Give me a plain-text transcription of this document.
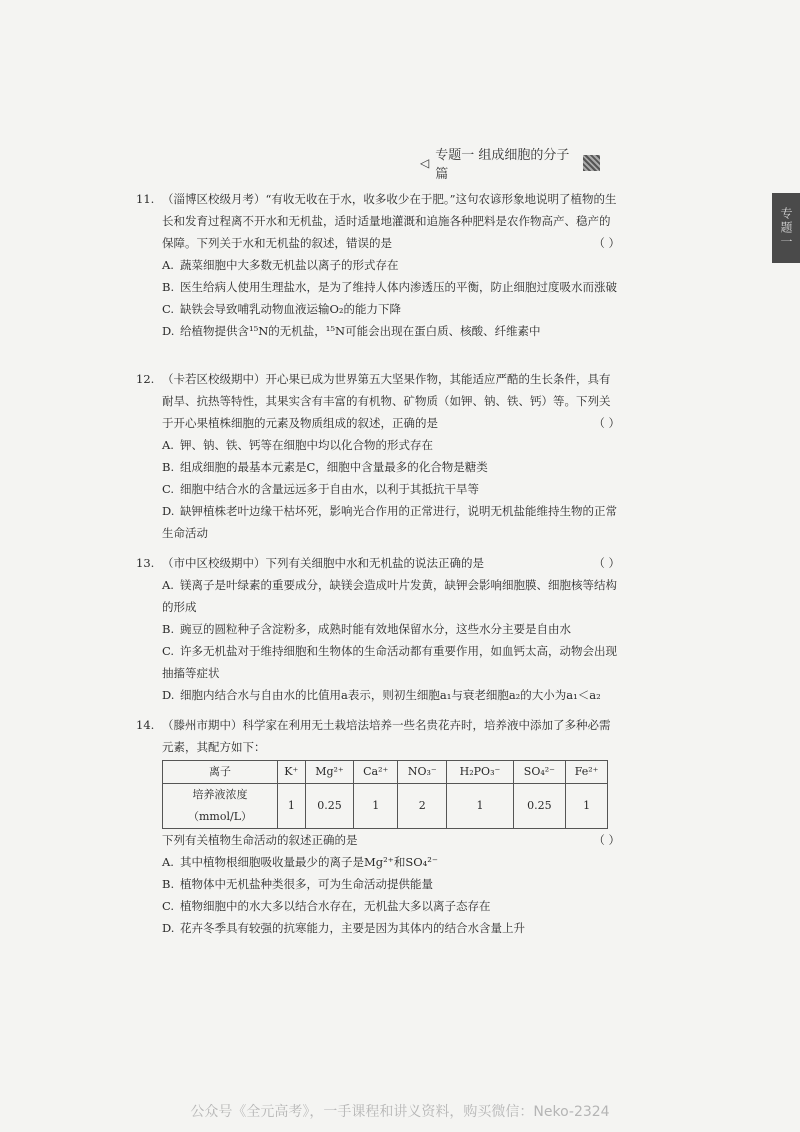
◁ 专题一 组成细胞的分子篇
专题一
11. （淄博区校级月考）“有收无收在于水，收多收少在于肥。”这句农谚形象地说明了植物的生长和发育过程离不开水和无机盐，适时适量地灌溉和追施各种肥料是农作物高产、稳产的保障。下列关于水和无机盐的叙述，错误的是	（ ）
A. 蔬菜细胞中大多数无机盐以离子的形式存在
B. 医生给病人使用生理盐水，是为了维持人体内渗透压的平衡，防止细胞过度吸水而涨破
C. 缺铁会导致哺乳动物血液运输O₂的能力下降
D. 给植物提供含¹⁵N的无机盐，¹⁵N可能会出现在蛋白质、核酸、纤维素中
12. （卡若区校级期中）开心果已成为世界第五大坚果作物，其能适应严酷的生长条件，具有耐旱、抗热等特性，其果实含有丰富的有机物、矿物质（如钾、钠、铁、钙）等。下列关于开心果植株细胞的元素及物质组成的叙述，正确的是	（ ）
A. 钾、钠、铁、钙等在细胞中均以化合物的形式存在
B. 组成细胞的最基本元素是C，细胞中含量最多的化合物是糖类
C. 细胞中结合水的含量远远多于自由水，以利于其抵抗干旱等
D. 缺钾植株老叶边缘干枯坏死，影响光合作用的正常进行，说明无机盐能维持生物的正常生命活动
13. （市中区校级期中）下列有关细胞中水和无机盐的说法正确的是	（ ）
A. 镁离子是叶绿素的重要成分，缺镁会造成叶片发黄，缺钾会影响细胞膜、细胞核等结构的形成
B. 豌豆的圆粒种子含淀粉多，成熟时能有效地保留水分，这些水分主要是自由水
C. 许多无机盐对于维持细胞和生物体的生命活动都有重要作用，如血钙太高，动物会出现抽搐等症状
D. 细胞内结合水与自由水的比值用a表示，则初生细胞a₁与衰老细胞a₂的大小为a₁＜a₂
14. （滕州市期中）科学家在利用无土栽培法培养一些名贵花卉时，培养液中添加了多种必需元素，其配方如下：
离子	K⁺	Mg²⁺	Ca²⁺	NO₃⁻	H₂PO₃⁻	SO₄²⁻	Fe²⁺
培养液浓度（mmol/L）	1	0.25	1	2	1	0.25	1
下列有关植物生命活动的叙述正确的是	（ ）
A. 其中植物根细胞吸收量最少的离子是Mg²⁺和SO₄²⁻
B. 植物体中无机盐种类很多，可为生命活动提供能量
C. 植物细胞中的水大多以结合水存在，无机盐大多以离子态存在
D. 花卉冬季具有较强的抗寒能力，主要是因为其体内的结合水含量上升
公众号《全元高考》，一手课程和讲义资料，购买微信：Neko-2324
